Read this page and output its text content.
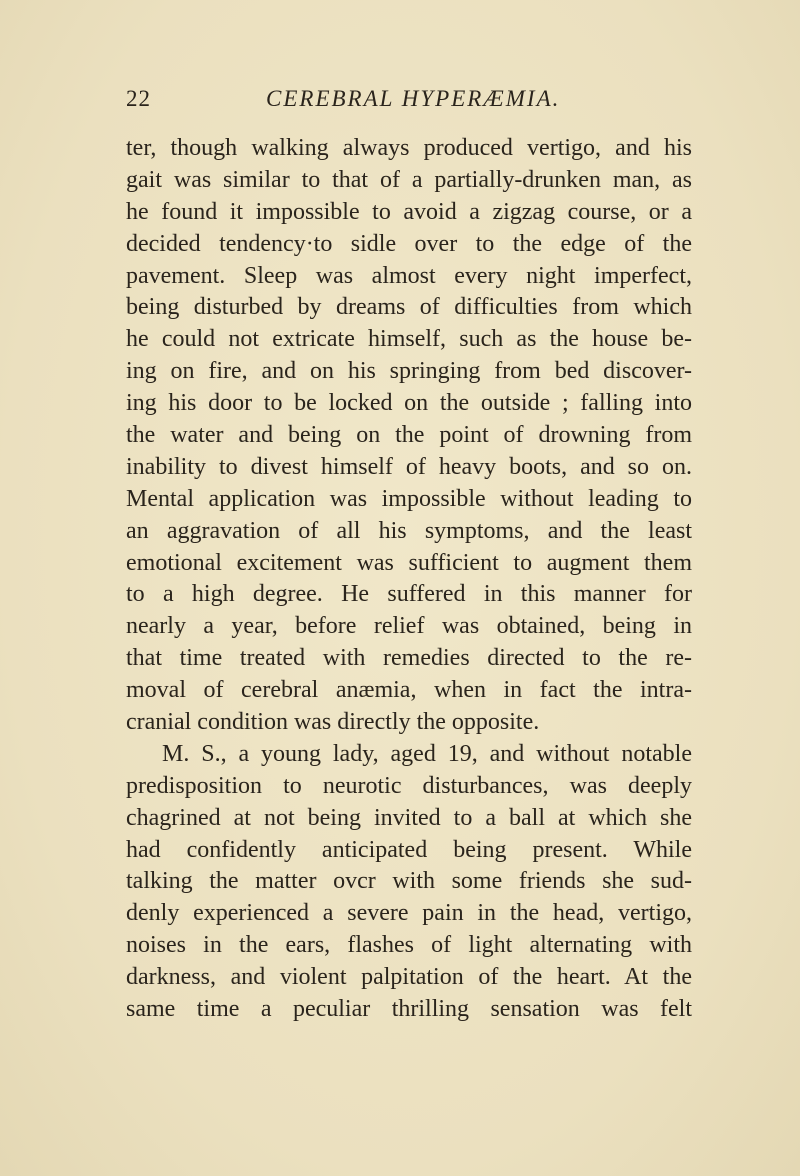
22	CEREBRAL HYPERÆMIA.
ter, though walking always produced vertigo, and his
gait was similar to that of a partially-drunken man, as
he found it impossible to avoid a zigzag course, or a
decided tendency·to sidle over to the edge of the
pavement. Sleep was almost every night imperfect,
being disturbed by dreams of difficulties from which
he could not extricate himself, such as the house be-
ing on fire, and on his springing from bed discover-
ing his door to be locked on the outside ; falling into
the water and being on the point of drowning from
inability to divest himself of heavy boots, and so on.
Mental application was impossible without leading to
an aggravation of all his symptoms, and the least
emotional excitement was sufficient to augment them
to a high degree. He suffered in this manner for
nearly a year, before relief was obtained, being in
that time treated with remedies directed to the re-
moval of cerebral anæmia, when in fact the intra-
cranial condition was directly the opposite.
M. S., a young lady, aged 19, and without notable
predisposition to neurotic disturbances, was deeply
chagrined at not being invited to a ball at which she
had confidently anticipated being present. While
talking the matter ovcr with some friends she sud-
denly experienced a severe pain in the head, vertigo,
noises in the ears, flashes of light alternating with
darkness, and violent palpitation of the heart. At the
same time a peculiar thrilling sensation was felt
